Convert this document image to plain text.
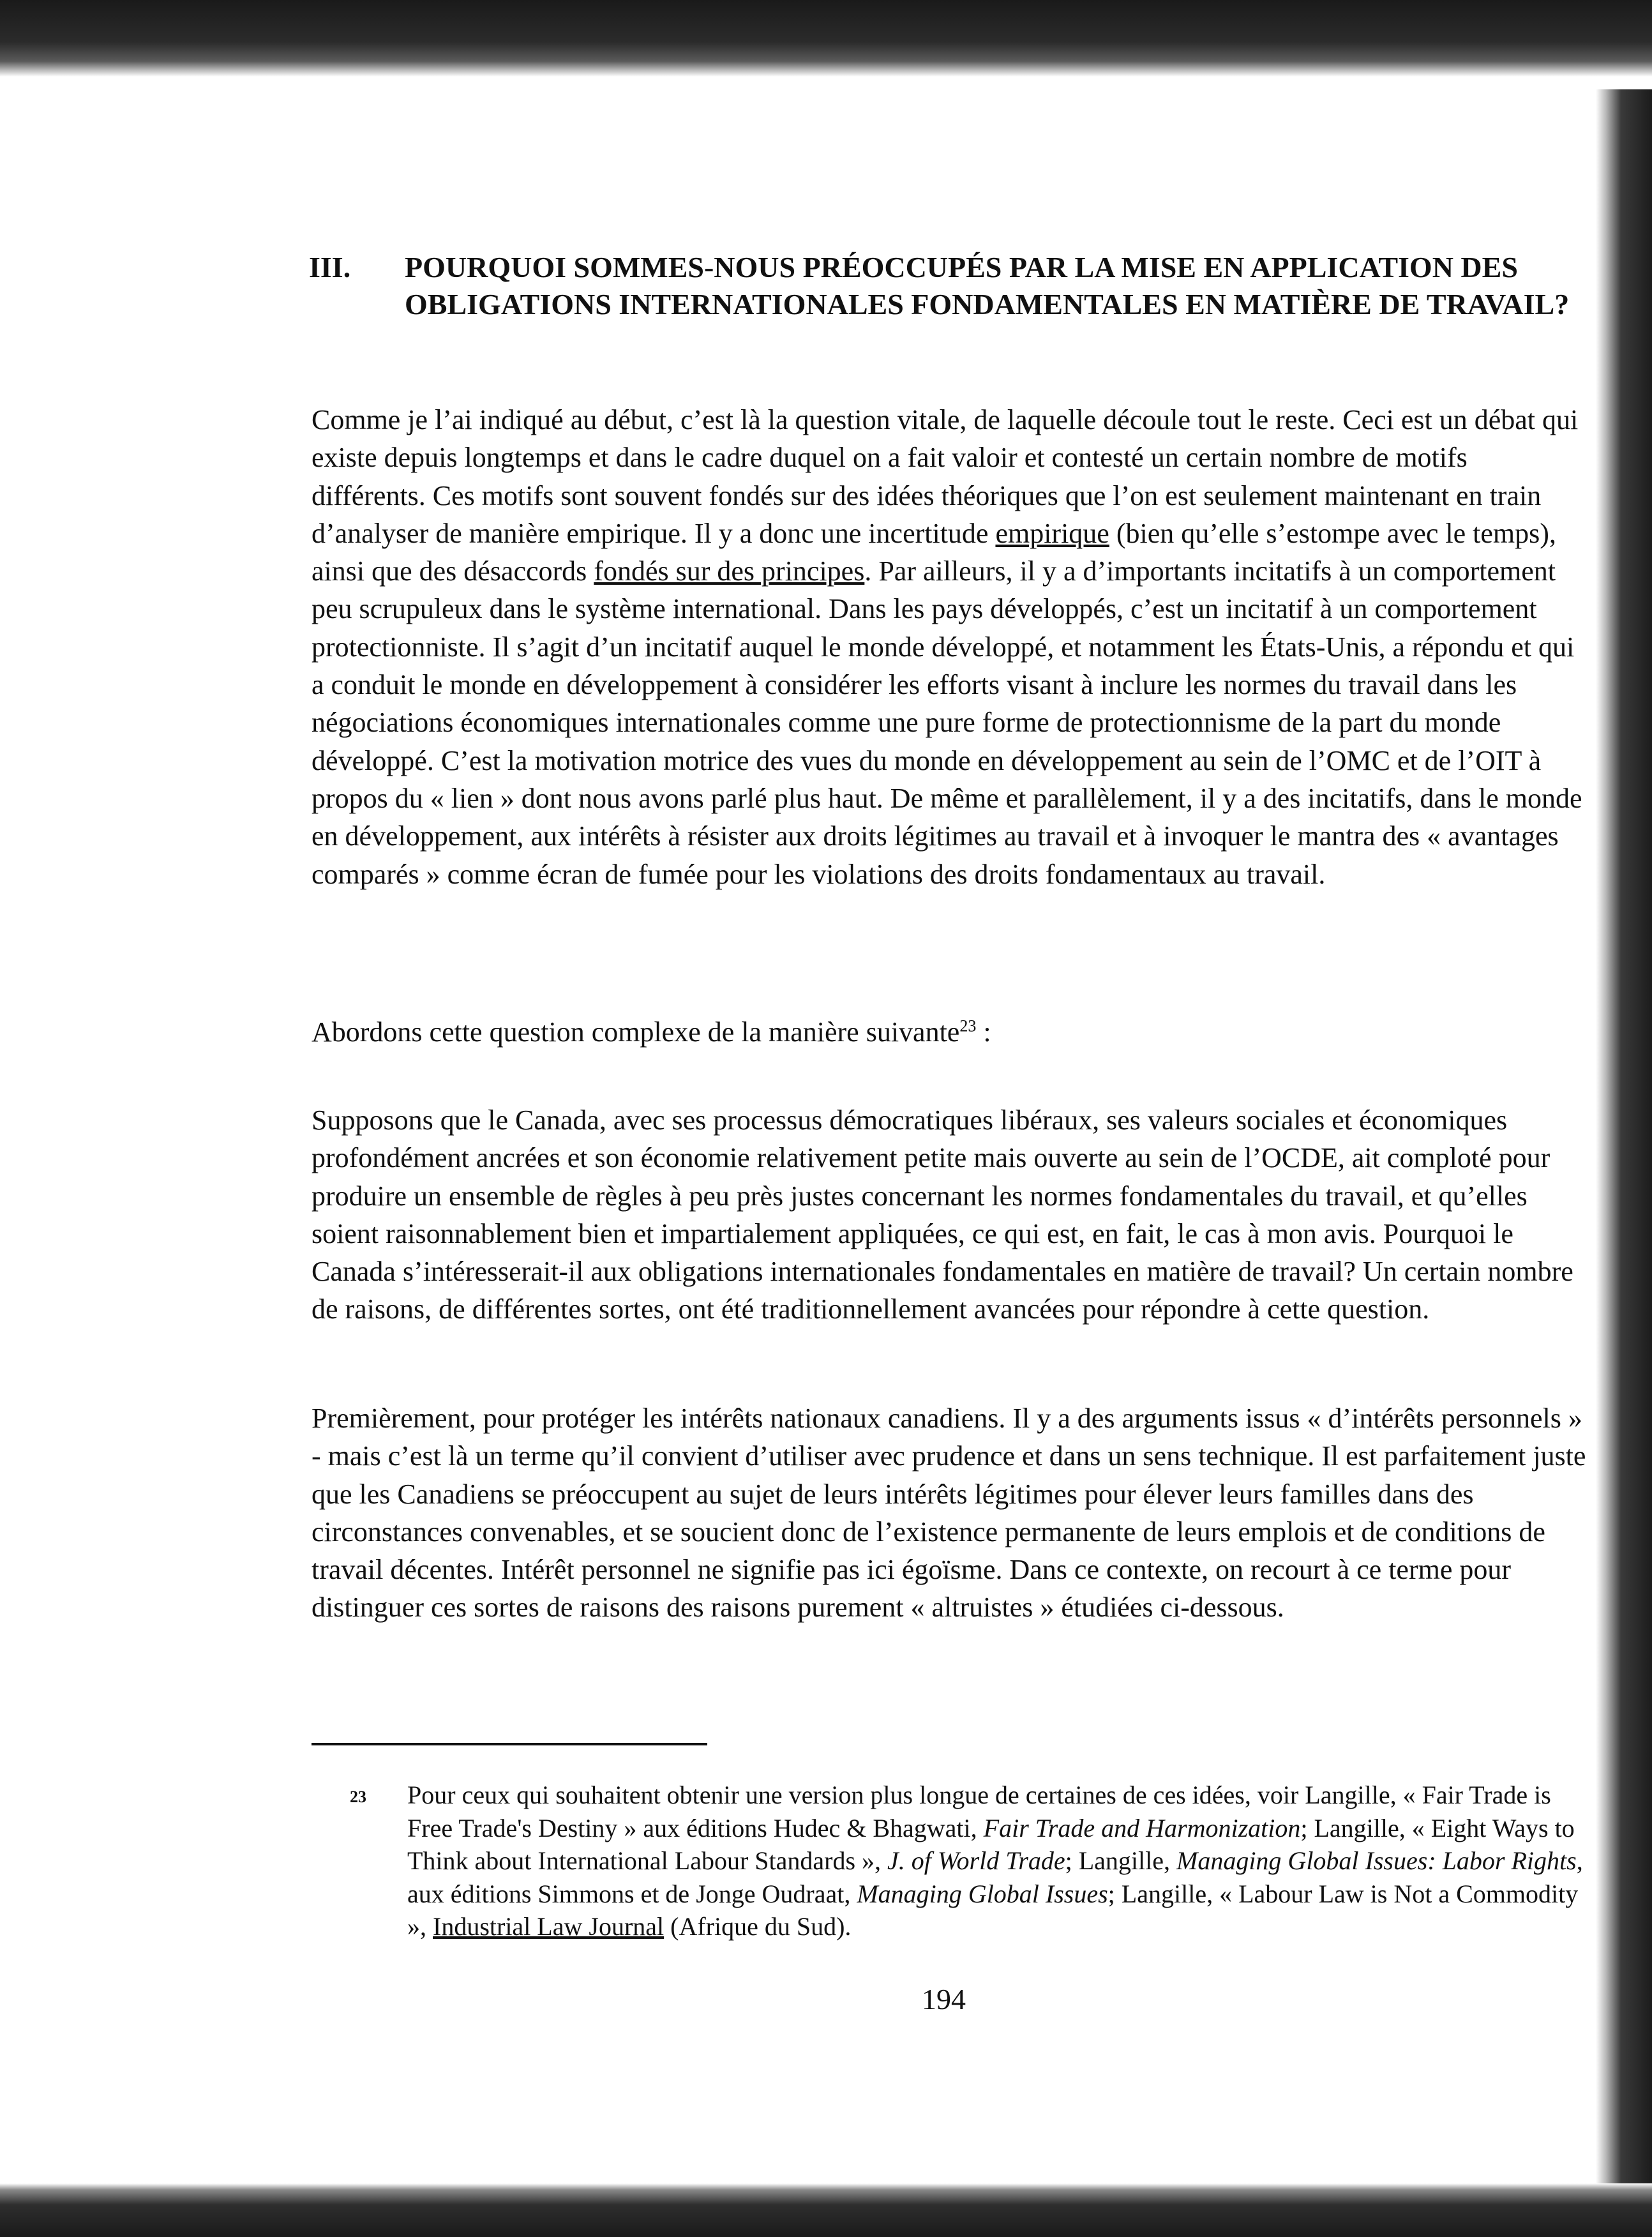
III.	POURQUOI SOMMES-NOUS PRÉOCCUPÉS PAR LA MISE EN APPLICATION DES OBLIGATIONS INTERNATIONALES FONDAMENTALES EN MATIÈRE DE TRAVAIL?

Comme je l’ai indiqué au début, c’est là la question vitale, de laquelle découle tout le reste. Ceci est un débat qui existe depuis longtemps et dans le cadre duquel on a fait valoir et contesté un certain nombre de motifs différents. Ces motifs sont souvent fondés sur des idées théoriques que l’on est seulement maintenant en train d’analyser de manière empirique. Il y a donc une incertitude empirique (bien qu’elle s’estompe avec le temps), ainsi que des désaccords fondés sur des principes. Par ailleurs, il y a d’importants incitatifs à un comportement peu scrupuleux dans le système international. Dans les pays développés, c’est un incitatif à un comportement protectionniste. Il s’agit d’un incitatif auquel le monde développé, et notamment les États-Unis, a répondu et qui a conduit le monde en développement à considérer les efforts visant à inclure les normes du travail dans les négociations économiques internationales comme une pure forme de protectionnisme de la part du monde développé. C’est la motivation motrice des vues du monde en développement au sein de l’OMC et de l’OIT à propos du « lien » dont nous avons parlé plus haut. De même et parallèlement, il y a des incitatifs, dans le monde en développement, aux intérêts à résister aux droits légitimes au travail et à invoquer le mantra des « avantages comparés » comme écran de fumée pour les violations des droits fondamentaux au travail.

Abordons cette question complexe de la manière suivante$^{23}$ :

Supposons que le Canada, avec ses processus démocratiques libéraux, ses valeurs sociales et économiques profondément ancrées et son économie relativement petite mais ouverte au sein de l’OCDE, ait comploté pour produire un ensemble de règles à peu près justes concernant les normes fondamentales du travail, et qu’elles soient raisonnablement bien et impartialement appliquées, ce qui est, en fait, le cas à mon avis. Pourquoi le Canada s’intéresserait-il aux obligations internationales fondamentales en matière de travail? Un certain nombre de raisons, de différentes sortes, ont été traditionnellement avancées pour répondre à cette question.

Premièrement, pour protéger les intérêts nationaux canadiens. Il y a des arguments issus « d’intérêts personnels » - mais c’est là un terme qu’il convient d’utiliser avec prudence et dans un sens technique. Il est parfaitement juste que les Canadiens se préoccupent au sujet de leurs intérêts légitimes pour élever leurs familles dans des circonstances convenables, et se soucient donc de l’existence permanente de leurs emplois et de conditions de travail décentes. Intérêt personnel ne signifie pas ici égoïsme. Dans ce contexte, on recourt à ce terme pour distinguer ces sortes de raisons des raisons purement « altruistes » étudiées ci-dessous.

23 Pour ceux qui souhaitent obtenir une version plus longue de certaines de ces idées, voir Langille, « Fair Trade is Free Trade's Destiny » aux éditions Hudec & Bhagwati, Fair Trade and Harmonization; Langille, « Eight Ways to Think about International Labour Standards », J. of World Trade; Langille, Managing Global Issues: Labor Rights, aux éditions Simmons et de Jonge Oudraat, Managing Global Issues; Langille, « Labour Law is Not a Commodity », Industrial Law Journal (Afrique du Sud).

194
